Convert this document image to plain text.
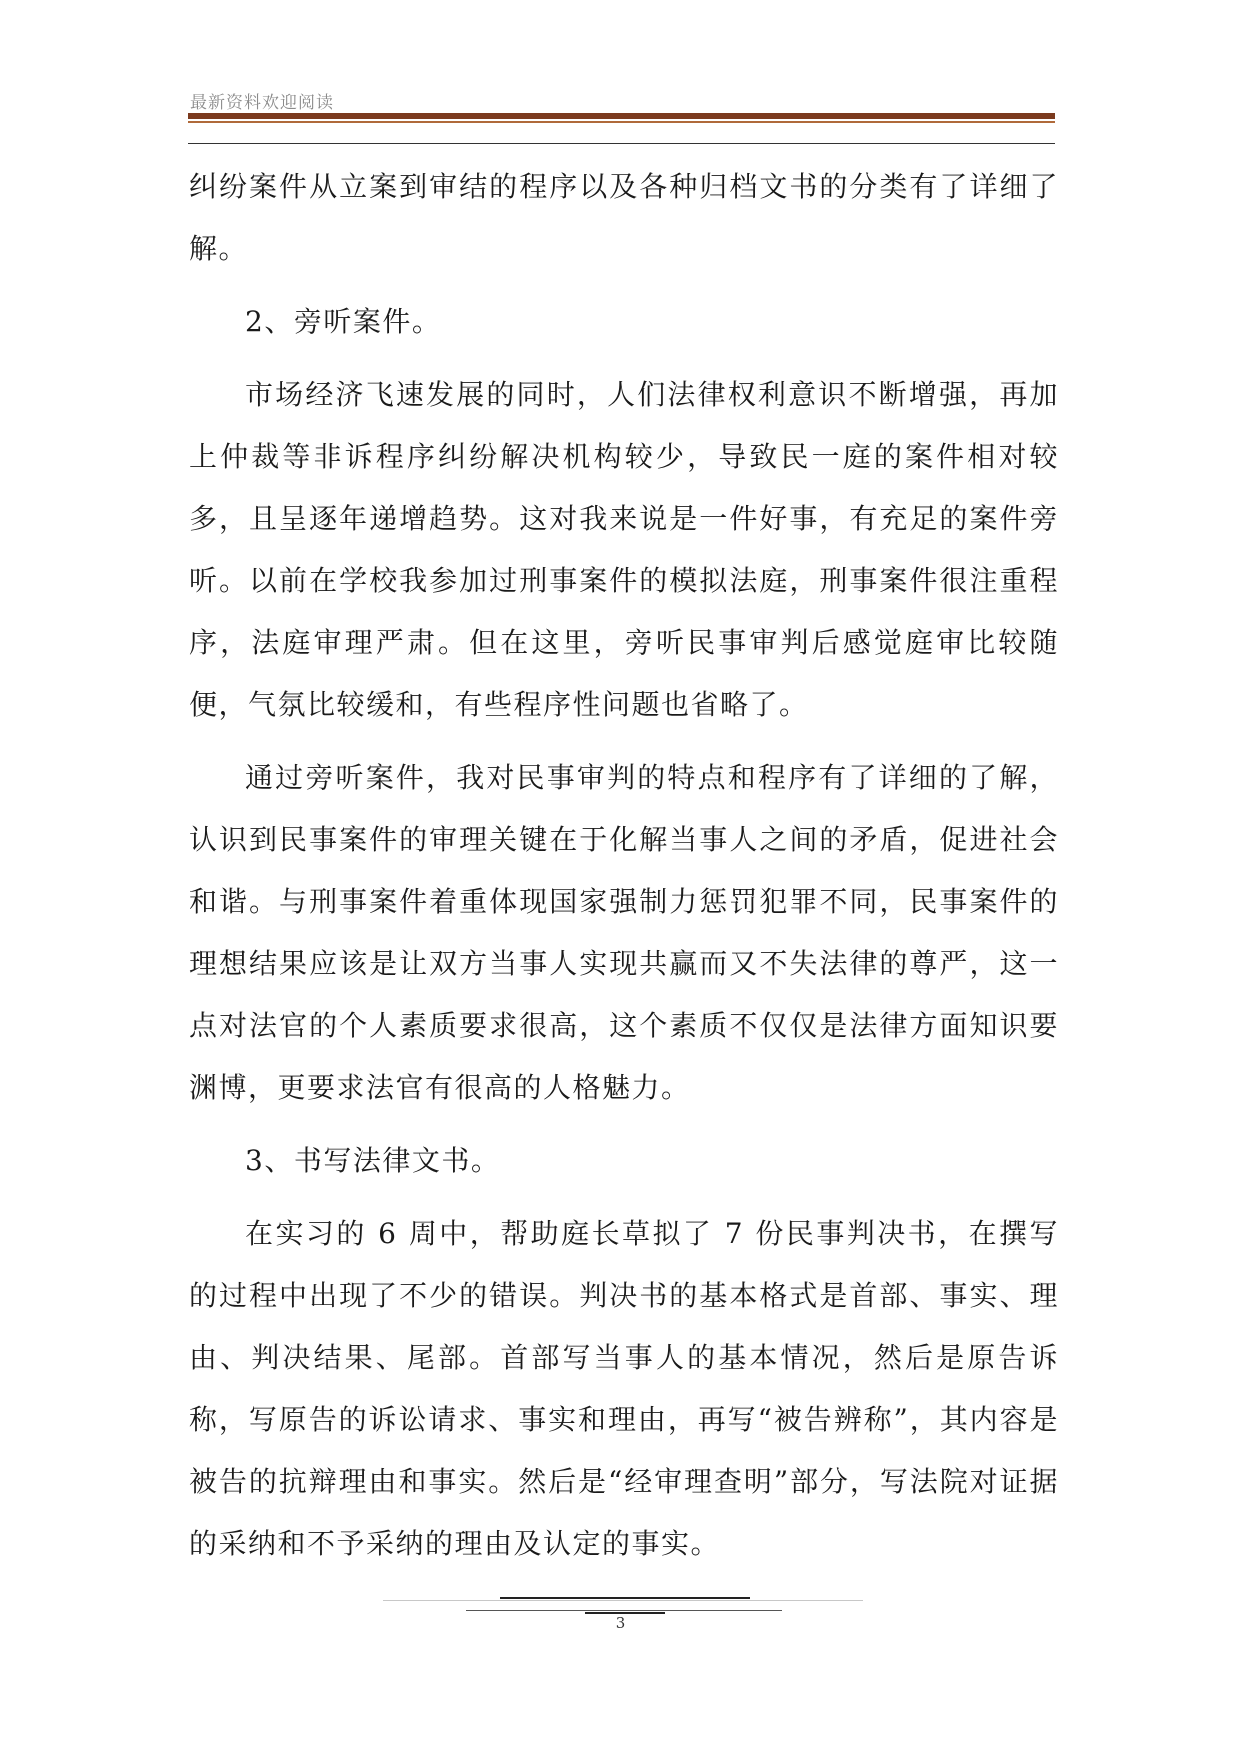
最新资料欢迎阅读

纠纷案件从立案到审结的程序以及各种归档文书的分类有了详细了解。

2、旁听案件。

市场经济飞速发展的同时，人们法律权利意识不断增强，再加上仲裁等非诉程序纠纷解决机构较少，导致民一庭的案件相对较多，且呈逐年递增趋势。这对我来说是一件好事，有充足的案件旁听。以前在学校我参加过刑事案件的模拟法庭，刑事案件很注重程序，法庭审理严肃。但在这里，旁听民事审判后感觉庭审比较随便，气氛比较缓和，有些程序性问题也省略了。

通过旁听案件，我对民事审判的特点和程序有了详细的了解，认识到民事案件的审理关键在于化解当事人之间的矛盾，促进社会和谐。与刑事案件着重体现国家强制力惩罚犯罪不同，民事案件的理想结果应该是让双方当事人实现共赢而又不失法律的尊严，这一点对法官的个人素质要求很高，这个素质不仅仅是法律方面知识要渊博，更要求法官有很高的人格魅力。

3、书写法律文书。

在实习的 6 周中，帮助庭长草拟了 7 份民事判决书，在撰写的过程中出现了不少的错误。判决书的基本格式是首部、事实、理由、判决结果、尾部。首部写当事人的基本情况，然后是原告诉称，写原告的诉讼请求、事实和理由，再写“被告辨称”，其内容是被告的抗辩理由和事实。然后是“经审理查明”部分，写法院对证据的采纳和不予采纳的理由及认定的事实。

3
